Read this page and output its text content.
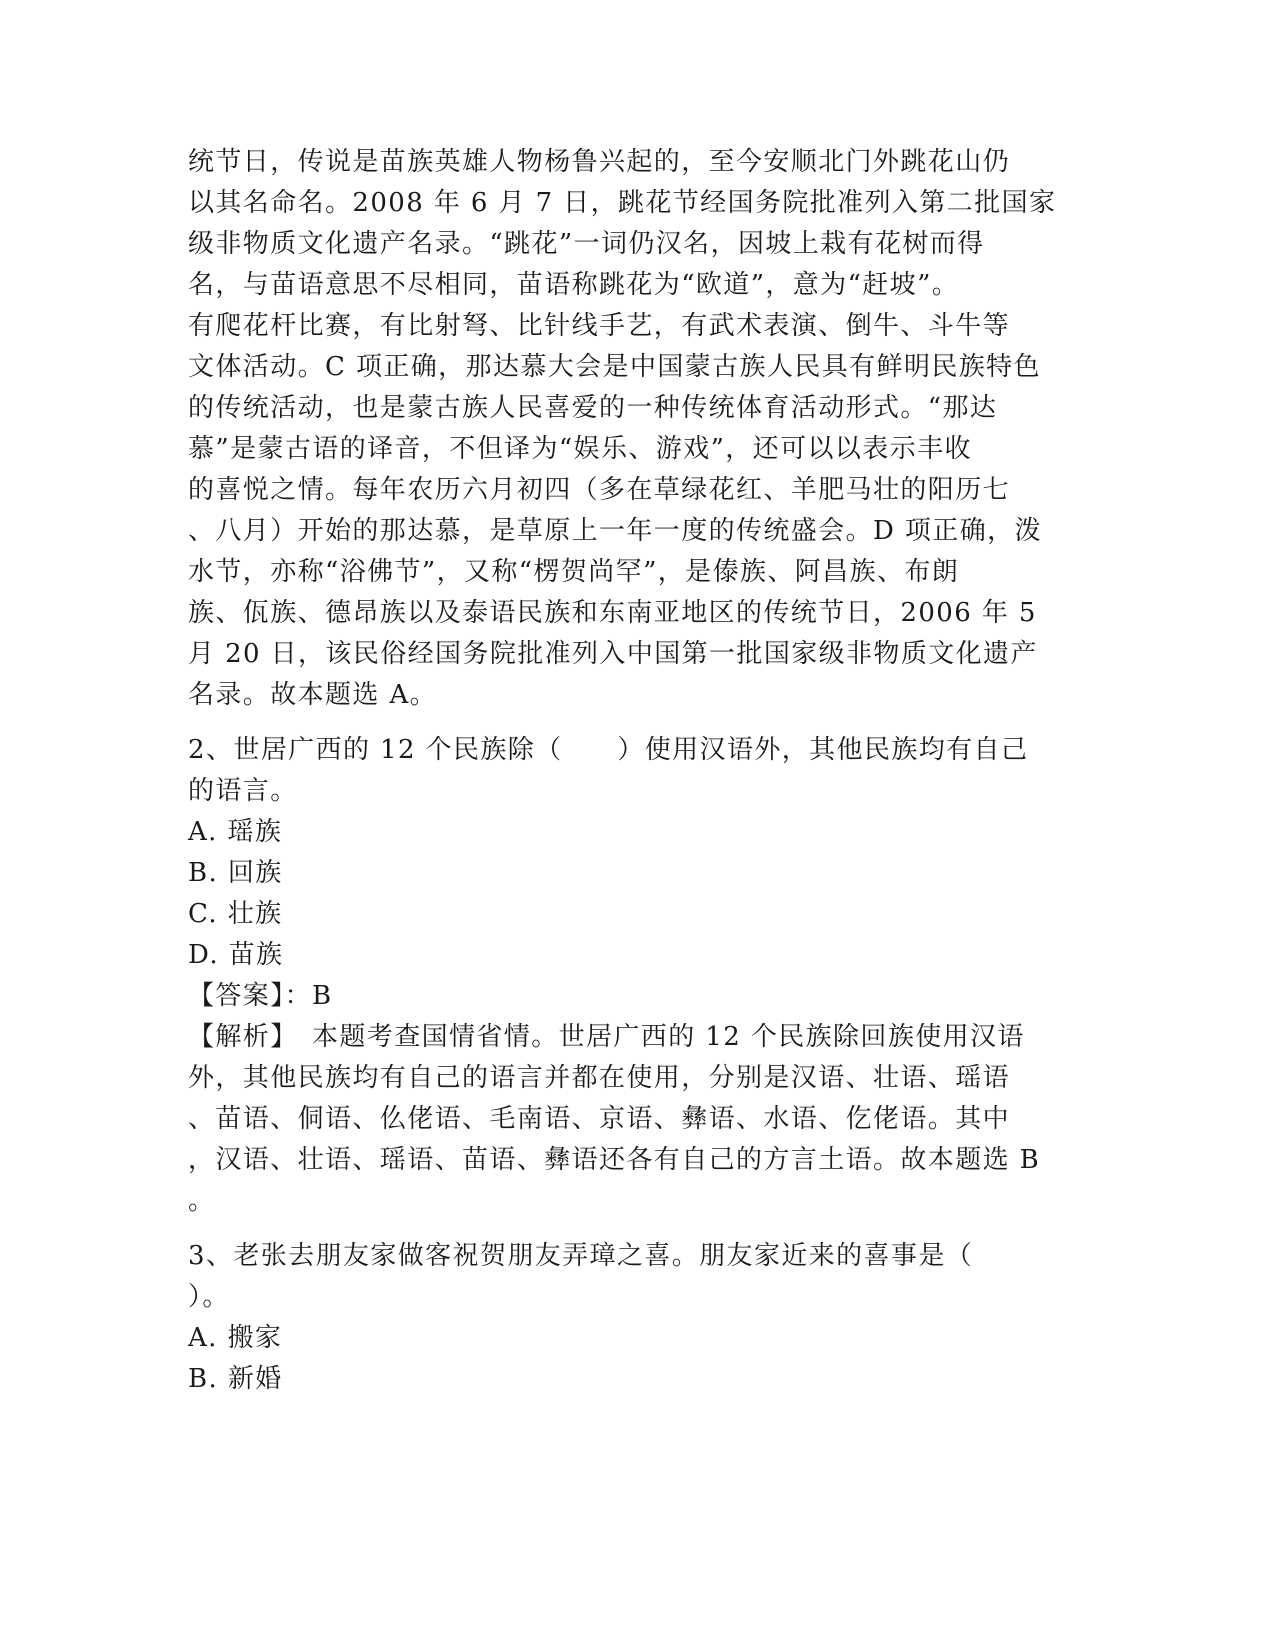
统节日，传说是苗族英雄人物杨鲁兴起的，至今安顺北门外跳花山仍
以其名命名。2008 年 6 月 7 日，跳花节经国务院批准列入第二批国家
级非物质文化遗产名录。“跳花”一词仍汉名，因坡上栽有花树而得
名，与苗语意思不尽相同，苗语称跳花为“欧道”，意为“赶坡”。
有爬花杆比赛，有比射弩、比针线手艺，有武术表演、倒牛、斗牛等
文体活动。C 项正确，那达慕大会是中国蒙古族人民具有鲜明民族特色
的传统活动，也是蒙古族人民喜爱的一种传统体育活动形式。“那达
慕”是蒙古语的译音，不但译为“娱乐、游戏”，还可以以表示丰收
的喜悦之情。每年农历六月初四（多在草绿花红、羊肥马壮的阳历七
、八月）开始的那达慕，是草原上一年一度的传统盛会。D 项正确，泼
水节，亦称“浴佛节”，又称“楞贺尚罕”，是傣族、阿昌族、布朗
族、佤族、德昂族以及泰语民族和东南亚地区的传统节日，2006 年 5
月 20 日，该民俗经国务院批准列入中国第一批国家级非物质文化遗产
名录。故本题选 A。
2、世居广西的 12 个民族除（　　）使用汉语外，其他民族均有自己
的语言。
A. 瑶族
B. 回族
C. 壮族
D. 苗族
【答案】：B
【解析】　本题考查国情省情。世居广西的 12 个民族除回族使用汉语
外，其他民族均有自己的语言并都在使用，分别是汉语、壮语、瑶语
、苗语、侗语、仫佬语、毛南语、京语、彝语、水语、仡佬语。其中
，汉语、壮语、瑶语、苗语、彝语还各有自己的方言土语。故本题选 B
。
3、老张去朋友家做客祝贺朋友弄璋之喜。朋友家近来的喜事是（
）。
A. 搬家
B. 新婚
